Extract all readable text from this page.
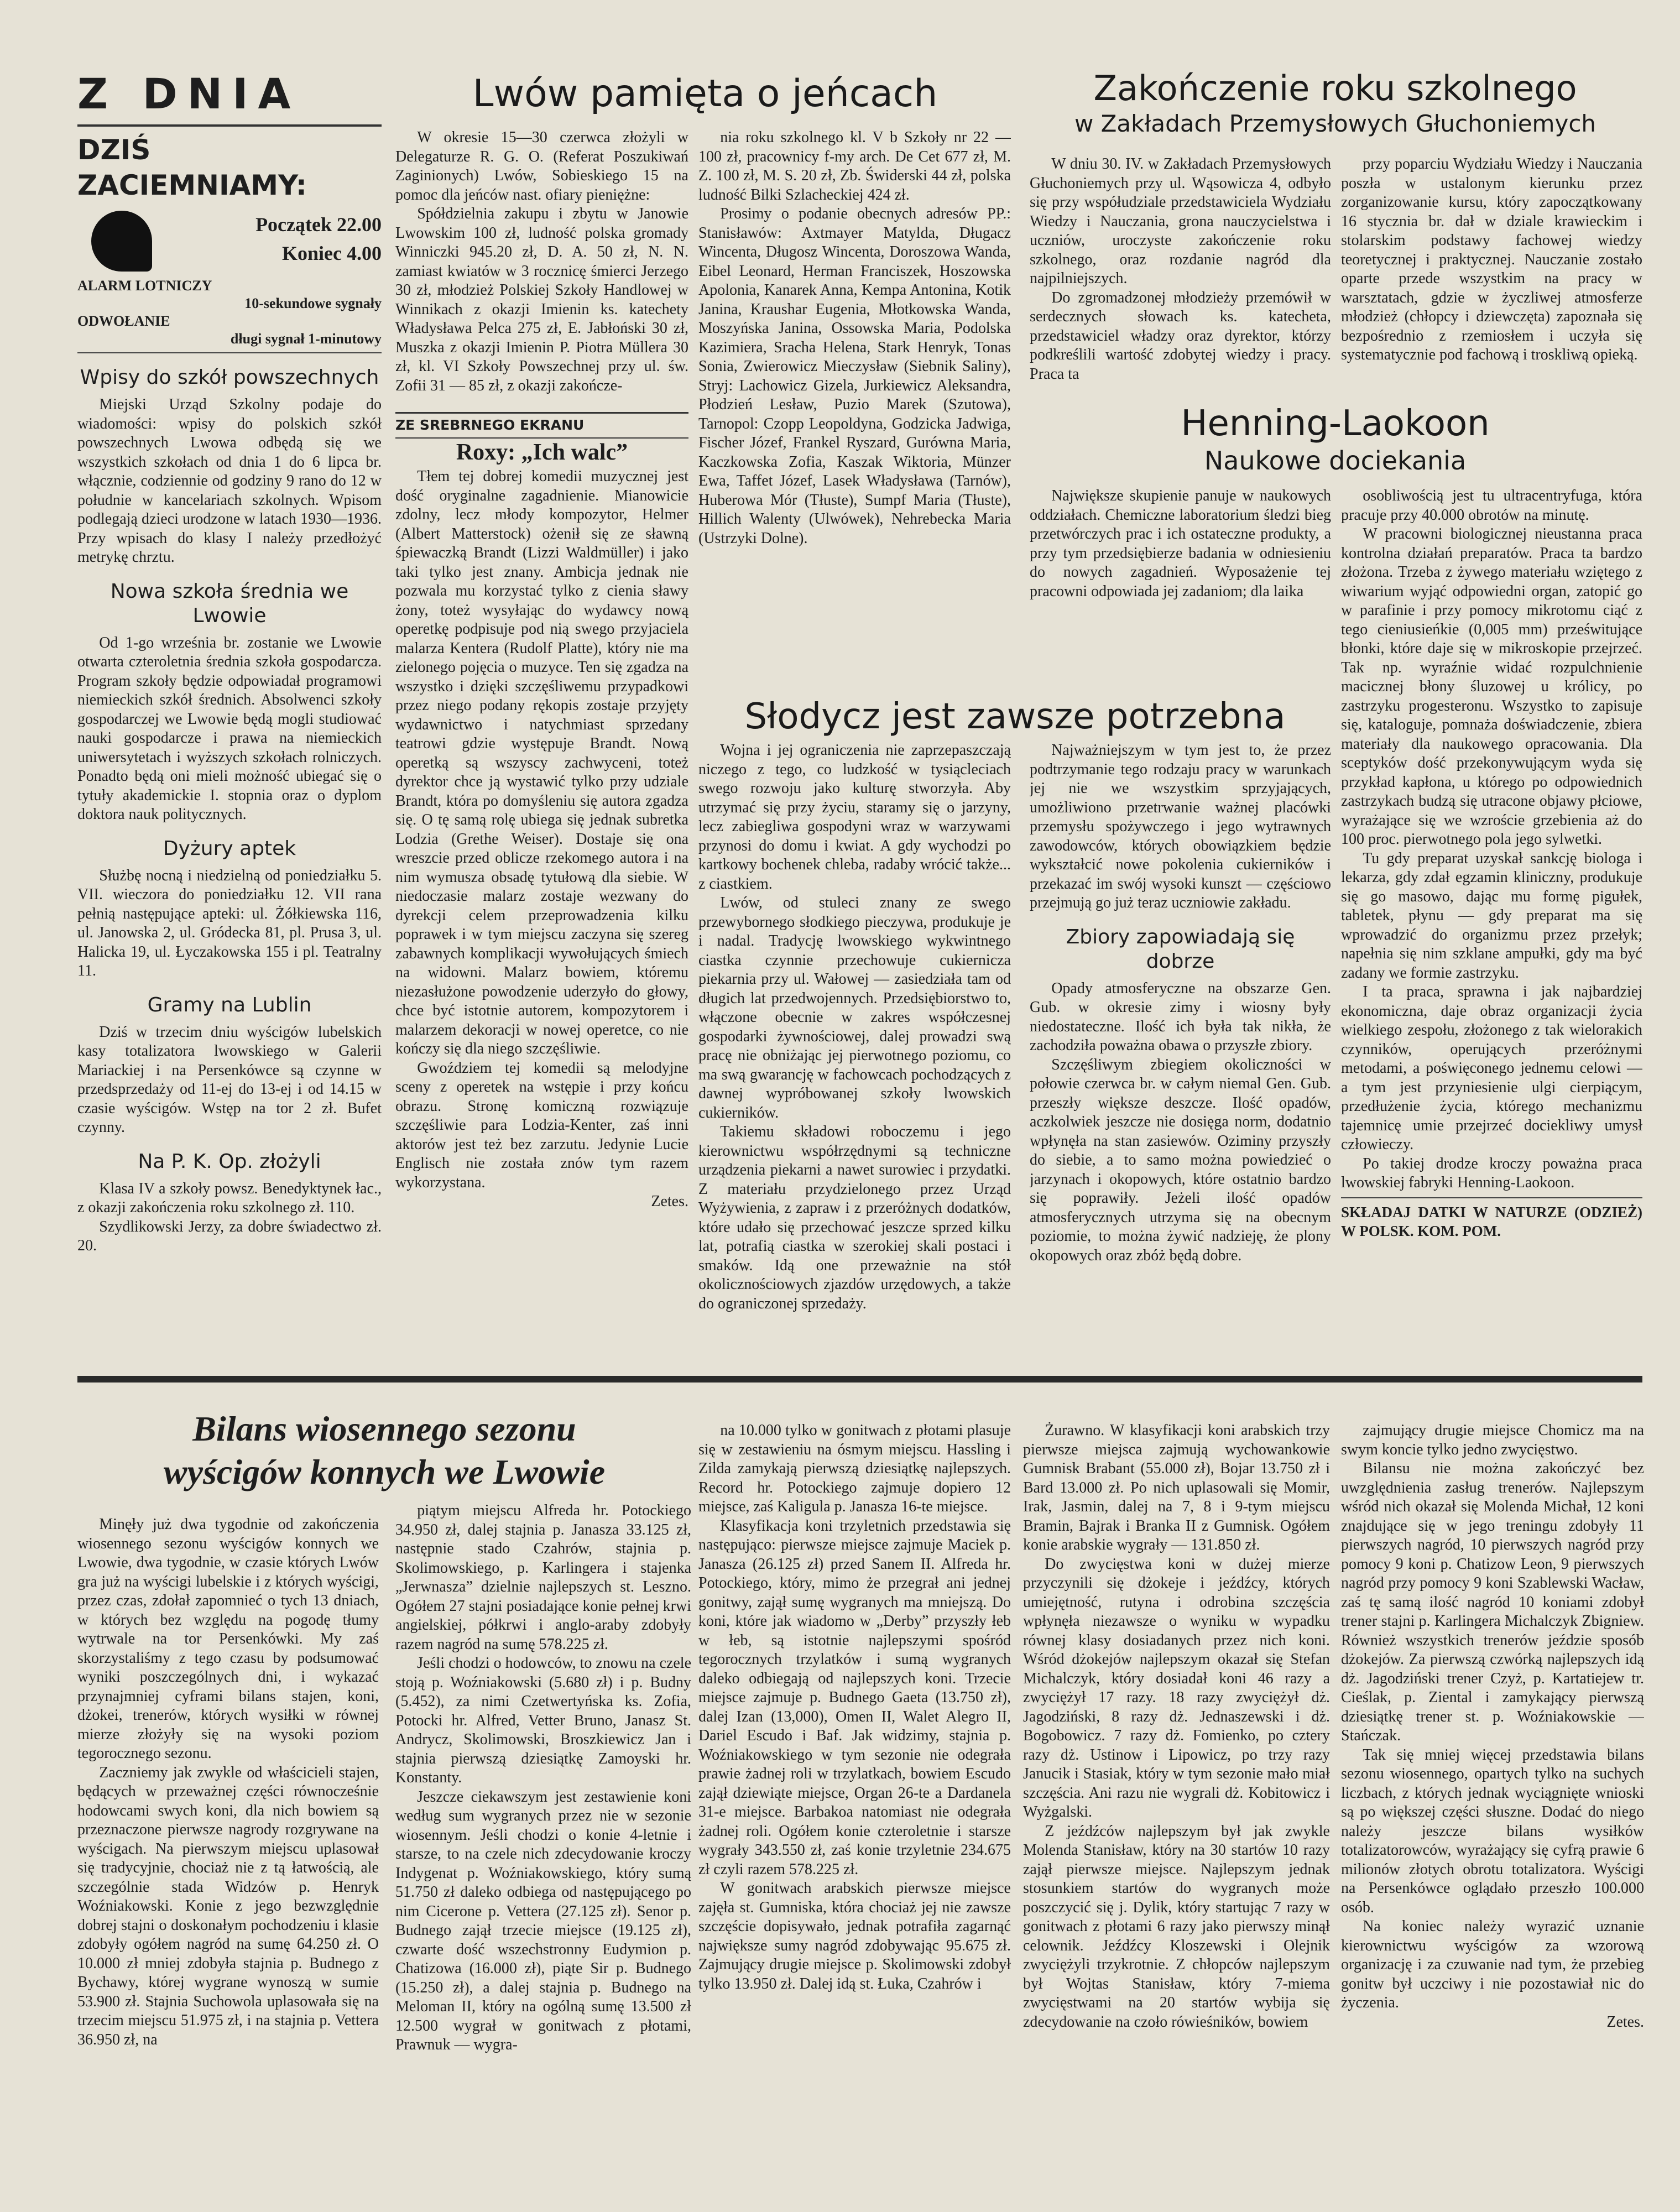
Z DNIA
DZIŚ ZACIEMNIAMY:
Początek 22.00
Koniec 4.00

ALARM LOTNICZY

10-sekundowe sygnały

ODWOŁANIE

długi sygnał 1-minutowy

Wpisy do szkół powszechnych

Miejski Urząd Szkolny podaje do wiadomości: wpisy do polskich szkół powszechnych Lwowa odbędą się we wszystkich szkołach od dnia 1 do 6 lipca br. włącznie, codziennie od godziny 9 rano do 12 w południe w kancelariach szkolnych. Wpisom podlegają dzieci urodzone w latach 1930—1936. Przy wpisach do klasy I należy przedłożyć metrykę chrztu.

Nowa szkoła średnia we Lwowie

Od 1-go września br. zostanie we Lwowie otwarta czteroletnia średnia szkoła gospodarcza. Program szkoły będzie odpowiadał programowi niemieckich szkół średnich. Absolwenci szkoły gospodarczej we Lwowie będą mogli studiować nauki gospodarcze i prawa na niemieckich uniwersytetach i wyższych szkołach rolniczych. Ponadto będą oni mieli możność ubiegać się o tytuły akademickie I. stopnia oraz o dyplom doktora nauk politycznych.

Dyżury aptek

Służbę nocną i niedzielną od poniedziałku 5. VII. wieczora do poniedziałku 12. VII rana pełnią następujące apteki: ul. Żółkiewska 116, ul. Janowska 2, ul. Gródecka 81, pl. Prusa 3, ul. Halicka 19, ul. Łyczakowska 155 i pl. Teatralny 11.

Gramy na Lublin

Dziś w trzecim dniu wyścigów lubelskich kasy totalizatora lwowskiego w Galerii Mariackiej i na Persenkówce są czynne w przedsprzedaży od 11-ej do 13-ej i od 14.15 w czasie wyścigów. Wstęp na tor 2 zł. Bufet czynny.

Na P. K. Op. złożyli

Klasa IV a szkoły powsz. Benedyktynek łac., z okazji zakończenia roku szkolnego zł. 110.

Szydlikowski Jerzy, za dobre świadectwo zł. 20.

Lwów pamięta o jeńcach

W okresie 15—30 czerwca złożyli w Delegaturze R. G. O. (Referat Poszukiwań Zaginionych) Lwów, Sobieskiego 15 na pomoc dla jeńców nast. ofiary pieniężne:

Spółdzielnia zakupu i zbytu w Janowie Lwowskim 100 zł, ludność polska gromady Winniczki 945.20 zł, D. A. 50 zł, N. N. zamiast kwiatów w 3 rocznicę śmierci Jerzego 30 zł, młodzież Polskiej Szkoły Handlowej w Winnikach z okazji Imienin ks. katechety Władysława Pelca 275 zł, E. Jabłoński 30 zł, Muszka z okazji Imienin P. Piotra Müllera 30 zł, kl. VI Szkoły Powszechnej przy ul. św. Zofii 31 — 85 zł, z okazji zakończe-

ZE SREBRNEGO EKRANU
Roxy: „Ich walc”

Tłem tej dobrej komedii muzycznej jest dość oryginalne zagadnienie. Mianowicie zdolny, lecz młody kompozytor, Helmer (Albert Matterstock) ożenił się ze sławną śpiewaczką Brandt (Lizzi Waldmüller) i jako taki tylko jest znany. Ambicja jednak nie pozwala mu korzystać tylko z cienia sławy żony, toteż wysyłając do wydawcy nową operetkę podpisuje pod nią swego przyjaciela malarza Kentera (Rudolf Platte), który nie ma zielonego pojęcia o muzyce. Ten się zgadza na wszystko i dzięki szczęśliwemu przypadkowi przez niego podany rękopis zostaje przyjęty wydawnictwo i natychmiast sprzedany teatrowi gdzie występuje Brandt. Nową operetką są wszyscy zachwyceni, toteż dyrektor chce ją wystawić tylko przy udziale Brandt, która po domyśleniu się autora zgadza się. O tę samą rolę ubiega się jednak subretka Lodzia (Grethe Weiser). Dostaje się ona wreszcie przed oblicze rzekomego autora i na nim wymusza obsadę tytułową dla siebie. W niedoczasie malarz zostaje wezwany do dyrekcji celem przeprowadzenia kilku poprawek i w tym miejscu zaczyna się szereg zabawnych komplikacji wywołujących śmiech na widowni. Malarz bowiem, któremu niezasłużone powodzenie uderzyło do głowy, chce być istotnie autorem, kompozytorem i malarzem dekoracji w nowej operetce, co nie kończy się dla niego szczęśliwie.

Gwoździem tej komedii są melodyjne sceny z operetek na wstępie i przy końcu obrazu. Stronę komiczną rozwiązuje szczęśliwie para Lodzia-Kenter, zaś inni aktorów jest też bez zarzutu. Jedynie Lucie Englisch nie została znów tym razem wykorzystana.

Zetes.

nia roku szkolnego kl. V b Szkoły nr 22 — 100 zł, pracownicy f-my arch. De Cet 677 zł, M. Z. 100 zł, M. S. 20 zł, Zb. Świderski 44 zł, polska ludność Bilki Szlacheckiej 424 zł.

Prosimy o podanie obecnych adresów PP.: Stanisławów: Axtmayer Matylda, Długacz Wincenta, Długosz Wincenta, Doroszowa Wanda, Eibel Leonard, Herman Franciszek, Hoszowska Apolonia, Kanarek Anna, Kempa Antonina, Kotik Janina, Kraushar Eugenia, Młotkowska Wanda, Moszyńska Janina, Ossowska Maria, Podolska Kazimiera, Sracha Helena, Stark Henryk, Tonas Sonia, Zwierowicz Mieczysław (Siebnik Saliny), Stryj: Lachowicz Gizela, Jurkiewicz Aleksandra, Płodzień Lesław, Puzio Marek (Szutowa), Tarnopol: Czopp Leopoldyna, Godzicka Jadwiga, Fischer Józef, Frankel Ryszard, Gurówna Maria, Kaczkowska Zofia, Kaszak Wiktoria, Münzer Ewa, Taffet Józef, Lasek Władysława (Tarnów), Huberowa Mór (Tłuste), Sumpf Maria (Tłuste), Hillich Walenty (Ulwówek), Nehrebecka Maria (Ustrzyki Dolne).

Zakończenie roku szkolnego
w Zakładach Przemysłowych Głuchoniemych

W dniu 30. IV. w Zakładach Przemysłowych Głuchoniemych przy ul. Wąsowicza 4, odbyło się przy współudziale przedstawiciela Wydziału Wiedzy i Nauczania, grona nauczycielstwa i uczniów, uroczyste zakończenie roku szkolnego, oraz rozdanie nagród dla najpilniejszych.

Do zgromadzonej młodzieży przemówił w serdecznych słowach ks. katecheta, przedstawiciel władzy oraz dyrektor, którzy podkreślili wartość zdobytej wiedzy i pracy. Praca ta

przy poparciu Wydziału Wiedzy i Nauczania poszła w ustalonym kierunku przez zorganizowanie kursu, który zapoczątkowany 16 stycznia br. dał w dziale krawieckim i stolarskim podstawy fachowej wiedzy teoretycznej i praktycznej. Nauczanie zostało oparte przede wszystkim na pracy w warsztatach, gdzie w życzliwej atmosferze młodzież (chłopcy i dziewczęta) zapoznała się bezpośrednio z rzemiosłem i uczyła się systematycznie pod fachową i troskliwą opieką.

Henning-Laokoon
Naukowe dociekania

Największe skupienie panuje w naukowych oddziałach. Chemiczne laboratorium śledzi bieg przetwórczych prac i ich ostateczne produkty, a przy tym przedsiębierze badania w odniesieniu do nowych zagadnień. Wyposażenie tej pracowni odpowiada jej zadaniom; dla laika

osobliwością jest tu ultracentryfuga, która pracuje przy 40.000 obrotów na minutę.

W pracowni biologicznej nieustanna praca kontrolna działań preparatów. Praca ta bardzo złożona. Trzeba z żywego materiału wziętego z wiwarium wyjąć odpowiedni organ, zatopić go w parafinie i przy pomocy mikrotomu ciąć z tego cieniusieńkie (0,005 mm) prześwitujące błonki, które daje się w mikroskopie przejrzeć. Tak np. wyraźnie widać rozpulchnienie macicznej błony śluzowej u królicy, po zastrzyku progesteronu. Wszystko to zapisuje się, kataloguje, pomnaża doświadczenie, zbiera materiały dla naukowego opracowania. Dla sceptyków dość przekonywującym wyda się przykład kapłona, u którego po odpowiednich zastrzykach budzą się utracone objawy płciowe, wyrażające się we wzroście grzebienia aż do 100 proc. pierwotnego pola jego sylwetki.

Tu gdy preparat uzyskał sankcję biologa i lekarza, gdy zdał egzamin kliniczny, produkuje się go masowo, dając mu formę pigułek, tabletek, płynu — gdy preparat ma się wprowadzić do organizmu przez przełyk; napełnia się nim szklane ampułki, gdy ma być zadany we formie zastrzyku.

I ta praca, sprawna i jak najbardziej ekonomiczna, daje obraz organizacji życia wielkiego zespołu, złożonego z tak wielorakich czynników, operujących przeróżnymi metodami, a poświęconego jednemu celowi — a tym jest przyniesienie ulgi cierpiącym, przedłużenie życia, którego mechanizmu tajemnicę umie przejrzeć dociekliwy umysł człowieczy.

Po takiej drodze kroczy poważna praca lwowskiej fabryki Henning-Laokoon.

SKŁADAJ DATKI W NATURZE (ODZIEŻ) W POLSK. KOM. POM.

Słodycz jest zawsze potrzebna

Wojna i jej ograniczenia nie zaprzepaszczają niczego z tego, co ludzkość w tysiącleciach swego rozwoju jako kulturę stworzyła. Aby utrzymać się przy życiu, staramy się o jarzyny, lecz zabiegliwa gospodyni wraz w warzywami przynosi do domu i kwiat. A gdy wychodzi po kartkowy bochenek chleba, radaby wrócić także... z ciastkiem.

Lwów, od stuleci znany ze swego przewybornego słodkiego pieczywa, produkuje je i nadal. Tradycję lwowskiego wykwintnego ciastka czynnie przechowuje cukiernicza piekarnia przy ul. Wałowej — zasiedziała tam od długich lat przedwojennych. Przedsiębiorstwo to, włączone obecnie w zakres współczesnej gospodarki żywnościowej, dalej prowadzi swą pracę nie obniżając jej pierwotnego poziomu, co ma swą gwarancję w fachowcach pochodzących z dawnej wypróbowanej szkoły lwowskich cukierników.

Takiemu składowi roboczemu i jego kierownictwu współrzędnymi są techniczne urządzenia piekarni a nawet surowiec i przydatki. Z materiału przydzielonego przez Urząd Wyżywienia, z zapraw i z przeróżnych dodatków, które udało się przechować jeszcze sprzed kilku lat, potrafią ciastka w szerokiej skali postaci i smaków. Idą one przeważnie na stół okolicznościowych zjazdów urzędowych, a także do ograniczonej sprzedaży.

Najważniejszym w tym jest to, że przez podtrzymanie tego rodzaju pracy w warunkach jej nie we wszystkim sprzyjających, umożliwiono przetrwanie ważnej placówki przemysłu spożywczego i jego wytrawnych zawodowców, których obowiązkiem będzie wykształcić nowe pokolenia cukierników i przekazać im swój wysoki kunszt — częściowo przejmują go już teraz uczniowie zakładu.

Zbiory zapowiadają się dobrze

Opady atmosferyczne na obszarze Gen. Gub. w okresie zimy i wiosny były niedostateczne. Ilość ich była tak nikła, że zachodziła poważna obawa o przyszłe zbiory.

Szczęśliwym zbiegiem okoliczności w połowie czerwca br. w całym niemal Gen. Gub. przeszły większe deszcze. Ilość opadów, aczkolwiek jeszcze nie dosięga norm, dodatnio wpłynęła na stan zasiewów. Oziminy przyszły do siebie, a to samo można powiedzieć o jarzynach i okopowych, które ostatnio bardzo się poprawiły. Jeżeli ilość opadów atmosferycznych utrzyma się na obecnym poziomie, to można żywić nadzieję, że plony okopowych oraz zbóż będą dobre.

Bilans wiosennego sezonu
wyścigów konnych we Lwowie

Minęły już dwa tygodnie od zakończenia wiosennego sezonu wyścigów konnych we Lwowie, dwa tygodnie, w czasie których Lwów gra już na wyścigi lubelskie i z których wyścigi, przez czas, zdołał zapomnieć o tych 13 dniach, w których bez względu na pogodę tłumy wytrwale na tor Persenkówki. My zaś skorzystaliśmy z tego czasu by podsumować wyniki poszczególnych dni, i wykazać przynajmniej cyframi bilans stajen, koni, dżokei, trenerów, których wysiłki w równej mierze złożyły się na wysoki poziom tegorocznego sezonu.

Zaczniemy jak zwykle od właścicieli stajen, będących w przeważnej części równocześnie hodowcami swych koni, dla nich bowiem są przeznaczone pierwsze nagrody rozgrywane na wyścigach. Na pierwszym miejscu uplasował się tradycyjnie, chociaż nie z tą łatwością, ale szczególnie stada Widzów p. Henryk Woźniakowski. Konie z jego bezwzględnie dobrej stajni o doskonałym pochodzeniu i klasie zdobyły ogółem nagród na sumę 64.250 zł. O 10.000 zł mniej zdobyła stajnia p. Budnego z Bychawy, której wygrane wynoszą w sumie 53.900 zł. Stajnia Suchowola uplasowała się na trzecim miejscu 51.975 zł, i na stajnia p. Vettera 36.950 zł, na

piątym miejscu Alfreda hr. Potockiego 34.950 zł, dalej stajnia p. Janasza 33.125 zł, następnie stado Czahrów, stajnia p. Skolimowskiego, p. Karlingera i stajenka „Jerwnasza” dzielnie najlepszych st. Leszno. Ogółem 27 stajni posiadające konie pełnej krwi angielskiej, półkrwi i anglo-araby zdobyły razem nagród na sumę 578.225 zł.

Jeśli chodzi o hodowców, to znowu na czele stoją p. Woźniakowski (5.680 zł) i p. Budny (5.452), za nimi Czetwertyńska ks. Zofia, Potocki hr. Alfred, Vetter Bruno, Janasz St. Andrycz, Skolimowski, Broszkiewicz Jan i stajnia pierwszą dziesiątkę Zamoyski hr. Konstanty.

Jeszcze ciekawszym jest zestawienie koni według sum wygranych przez nie w sezonie wiosennym. Jeśli chodzi o konie 4-letnie i starsze, to na czele nich zdecydowanie kroczy Indygenat p. Woźniakowskiego, który sumą 51.750 zł daleko odbiega od następującego po nim Cicerone p. Vettera (27.125 zł). Senor p. Budnego zajął trzecie miejsce (19.125 zł), czwarte dość wszechstronny Eudymion p. Chatizowa (16.000 zł), piąte Sir p. Budnego (15.250 zł), a dalej stajnia p. Budnego na Meloman II, który na ogólną sumę 13.500 zł 12.500 wygrał w gonitwach z płotami, Prawnuk — wygra-

na 10.000 tylko w gonitwach z płotami plasuje się w zestawieniu na ósmym miejscu. Hassling i Zilda zamykają pierwszą dziesiątkę najlepszych. Record hr. Potockiego zajmuje dopiero 12 miejsce, zaś Kaligula p. Janasza 16-te miejsce.

Klasyfikacja koni trzyletnich przedstawia się następująco: pierwsze miejsce zajmuje Maciek p. Janasza (26.125 zł) przed Sanem II. Alfreda hr. Potockiego, który, mimo że przegrał ani jednej gonitwy, zajął sumę wygranych ma mniejszą. Do koni, które jak wiadomo w „Derby” przyszły łeb w łeb, są istotnie najlepszymi spośród tegorocznych trzylatków i sumą wygranych daleko odbiegają od najlepszych koni. Trzecie miejsce zajmuje p. Budnego Gaeta (13.750 zł), dalej Izan (13,000), Omen II, Walet Alegro II, Dariel Escudo i Baf. Jak widzimy, stajnia p. Woźniakowskiego w tym sezonie nie odegrała prawie żadnej roli w trzylatkach, bowiem Escudo zajął dziewiąte miejsce, Organ 26-te a Dardanela 31-e miejsce. Barbakoa natomiast nie odegrała żadnej roli. Ogółem konie czteroletnie i starsze wygrały 343.550 zł, zaś konie trzyletnie 234.675 zł czyli razem 578.225 zł.

W gonitwach arabskich pierwsze miejsce zajęła st. Gumniska, która chociaż jej nie zawsze szczęście dopisywało, jednak potrafiła zagarnąć największe sumy nagród zdobywając 95.675 zł. Zajmujący drugie miejsce p. Skolimowski zdobył tylko 13.950 zł. Dalej idą st. Łuka, Czahrów i

Żurawno. W klasyfikacji koni arabskich trzy pierwsze miejsca zajmują wychowankowie Gumnisk Brabant (55.000 zł), Bojar 13.750 zł i Bard 13.000 zł. Po nich uplasowali się Momir, Irak, Jasmin, dalej na 7, 8 i 9-tym miejscu Bramin, Bajrak i Branka II z Gumnisk. Ogółem konie arabskie wygrały — 131.850 zł.

Do zwycięstwa koni w dużej mierze przyczynili się dżokeje i jeźdźcy, których umiejętność, rutyna i odrobina szczęścia wpłynęła niezawsze o wyniku w wypadku równej klasy dosiadanych przez nich koni. Wśród dżokejów najlepszym okazał się Stefan Michalczyk, który dosiadał koni 46 razy a zwyciężył 17 razy. 18 razy zwyciężył dż. Jagodziński, 8 razy dż. Jednaszewski i dż. Bogobowicz. 7 razy dż. Fomienko, po cztery razy dż. Ustinow i Lipowicz, po trzy razy Janucik i Stasiak, który w tym sezonie mało miał szczęścia. Ani razu nie wygrali dż. Kobitowicz i Wyżgalski.

Z jeźdźców najlepszym był jak zwykle Molenda Stanisław, który na 30 startów 10 razy zajął pierwsze miejsce. Najlepszym jednak stosunkiem startów do wygranych może poszczycić się j. Dylik, który startując 7 razy w gonitwach z płotami 6 razy jako pierwszy minął celownik. Jeźdźcy Kloszewski i Olejnik zwyciężyli trzykrotnie. Z chłopców najlepszym był Wojtas Stanisław, który 7-miema zwycięstwami na 20 startów wybija się zdecydowanie na czoło rówieśników, bowiem

zajmujący drugie miejsce Chomicz ma na swym koncie tylko jedno zwycięstwo.

Bilansu nie można zakończyć bez uwzględnienia zasług trenerów. Najlepszym wśród nich okazał się Molenda Michał, 12 koni znajdujące się w jego treningu zdobyły 11 pierwszych nagród, 10 pierwszych nagród przy pomocy 9 koni p. Chatizow Leon, 9 pierwszych nagród przy pomocy 9 koni Szablewski Wacław, zaś tę samą ilość nagród 10 koniami zdobył trener stajni p. Karlingera Michalczyk Zbigniew. Również wszystkich trenerów jeździe sposób dżokejów. Za pierwszą czwórką najlepszych idą dż. Jagodziński trener Czyż, p. Kartatiejew tr. Cieślak, p. Ziental i zamykający pierwszą dziesiątkę trener st. p. Woźniakowskie — Stańczak.

Tak się mniej więcej przedstawia bilans sezonu wiosennego, opartych tylko na suchych liczbach, z których jednak wyciągnięte wnioski są po większej części słuszne. Dodać do niego należy jeszcze bilans wysiłków totalizatorowców, wyrażający się cyfrą prawie 6 milionów złotych obrotu totalizatora. Wyścigi na Persenkówce oglądało przeszło 100.000 osób.

Na koniec należy wyrazić uznanie kierownictwu wyścigów za wzorową organizację i za czuwanie nad tym, że przebieg gonitw był uczciwy i nie pozostawiał nic do życzenia.

Zetes.
